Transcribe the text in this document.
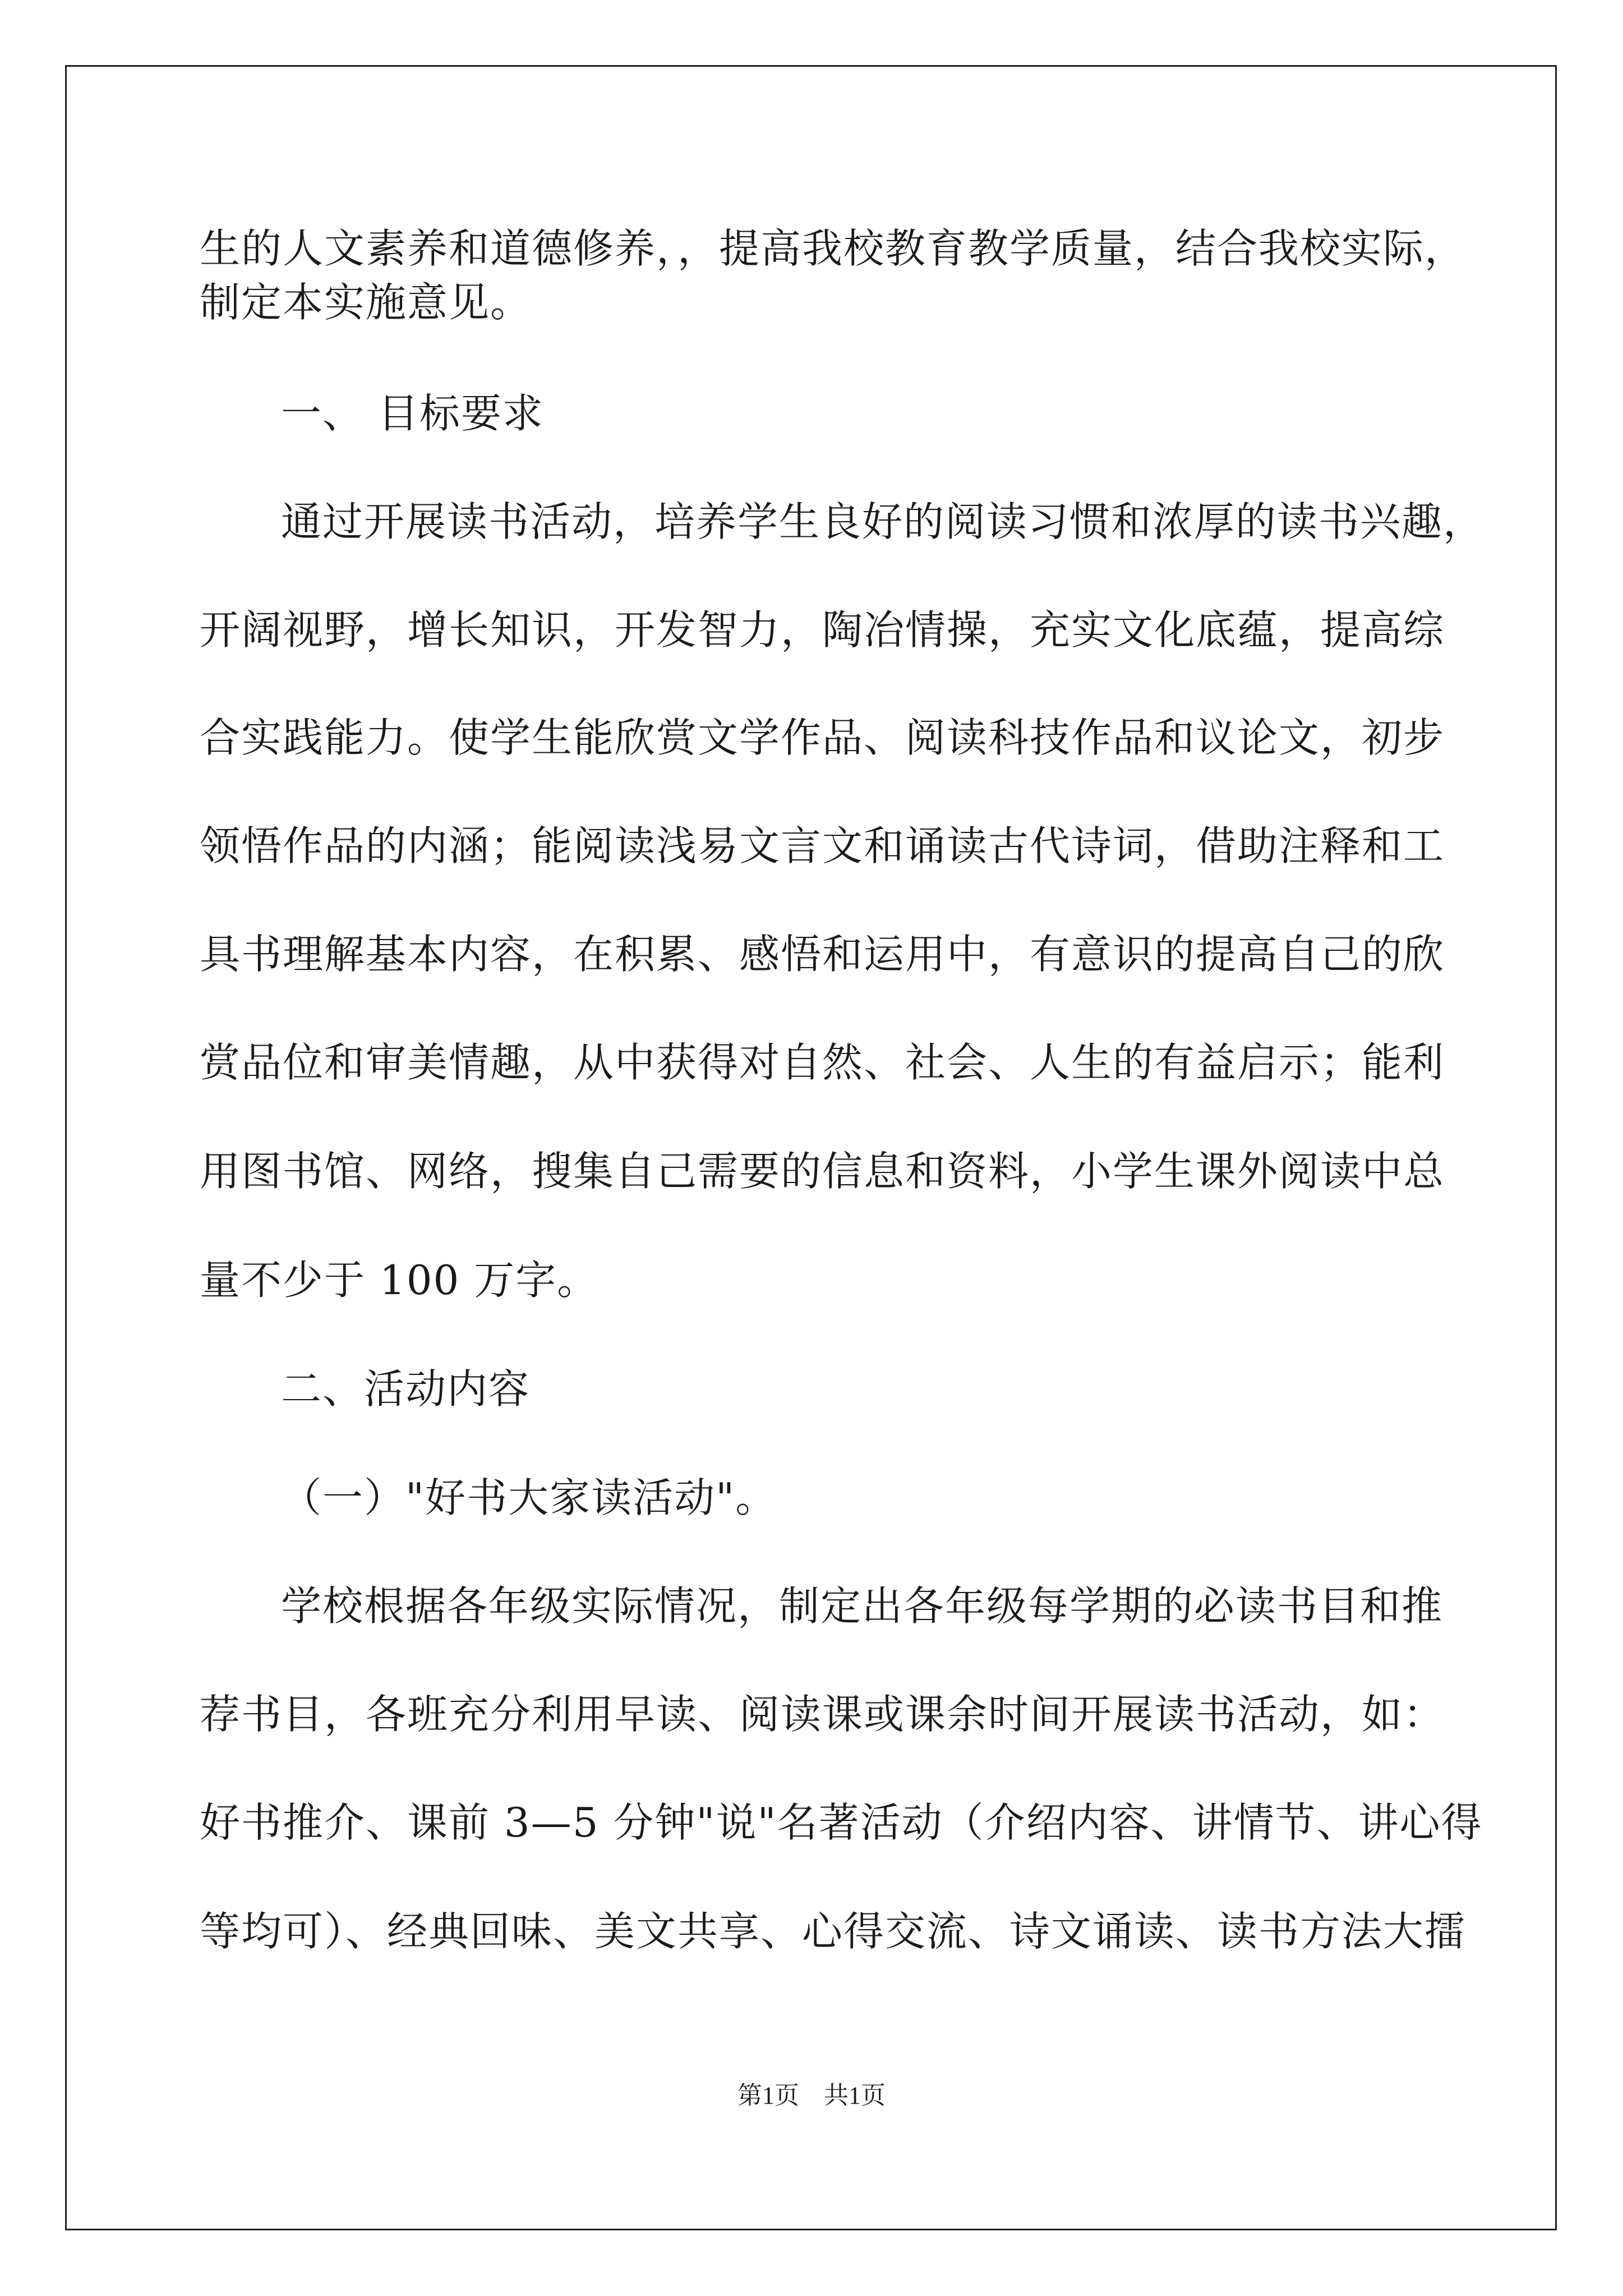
生的人文素养和道德修养，，提高我校教育教学质量，结合我校实际，
制定本实施意见。
一、 目标要求
通过开展读书活动，培养学生良好的阅读习惯和浓厚的读书兴趣，
开阔视野，增长知识，开发智力，陶冶情操，充实文化底蕴，提高综
合实践能力。使学生能欣赏文学作品、阅读科技作品和议论文，初步
领悟作品的内涵；能阅读浅易文言文和诵读古代诗词，借助注释和工
具书理解基本内容，在积累、感悟和运用中，有意识的提高自己的欣
赏品位和审美情趣，从中获得对自然、社会、人生的有益启示；能利
用图书馆、网络，搜集自己需要的信息和资料，小学生课外阅读中总
量不少于 100 万字。
二、活动内容
（一）"好书大家读活动"。
学校根据各年级实际情况，制定出各年级每学期的必读书目和推
荐书目，各班充分利用早读、阅读课或课余时间开展读书活动，如：
好书推介、课前 3—5 分钟"说"名著活动（介绍内容、讲情节、讲心得
等均可）、经典回味、美文共享、心得交流、诗文诵读、读书方法大擂
第1页　共1页
